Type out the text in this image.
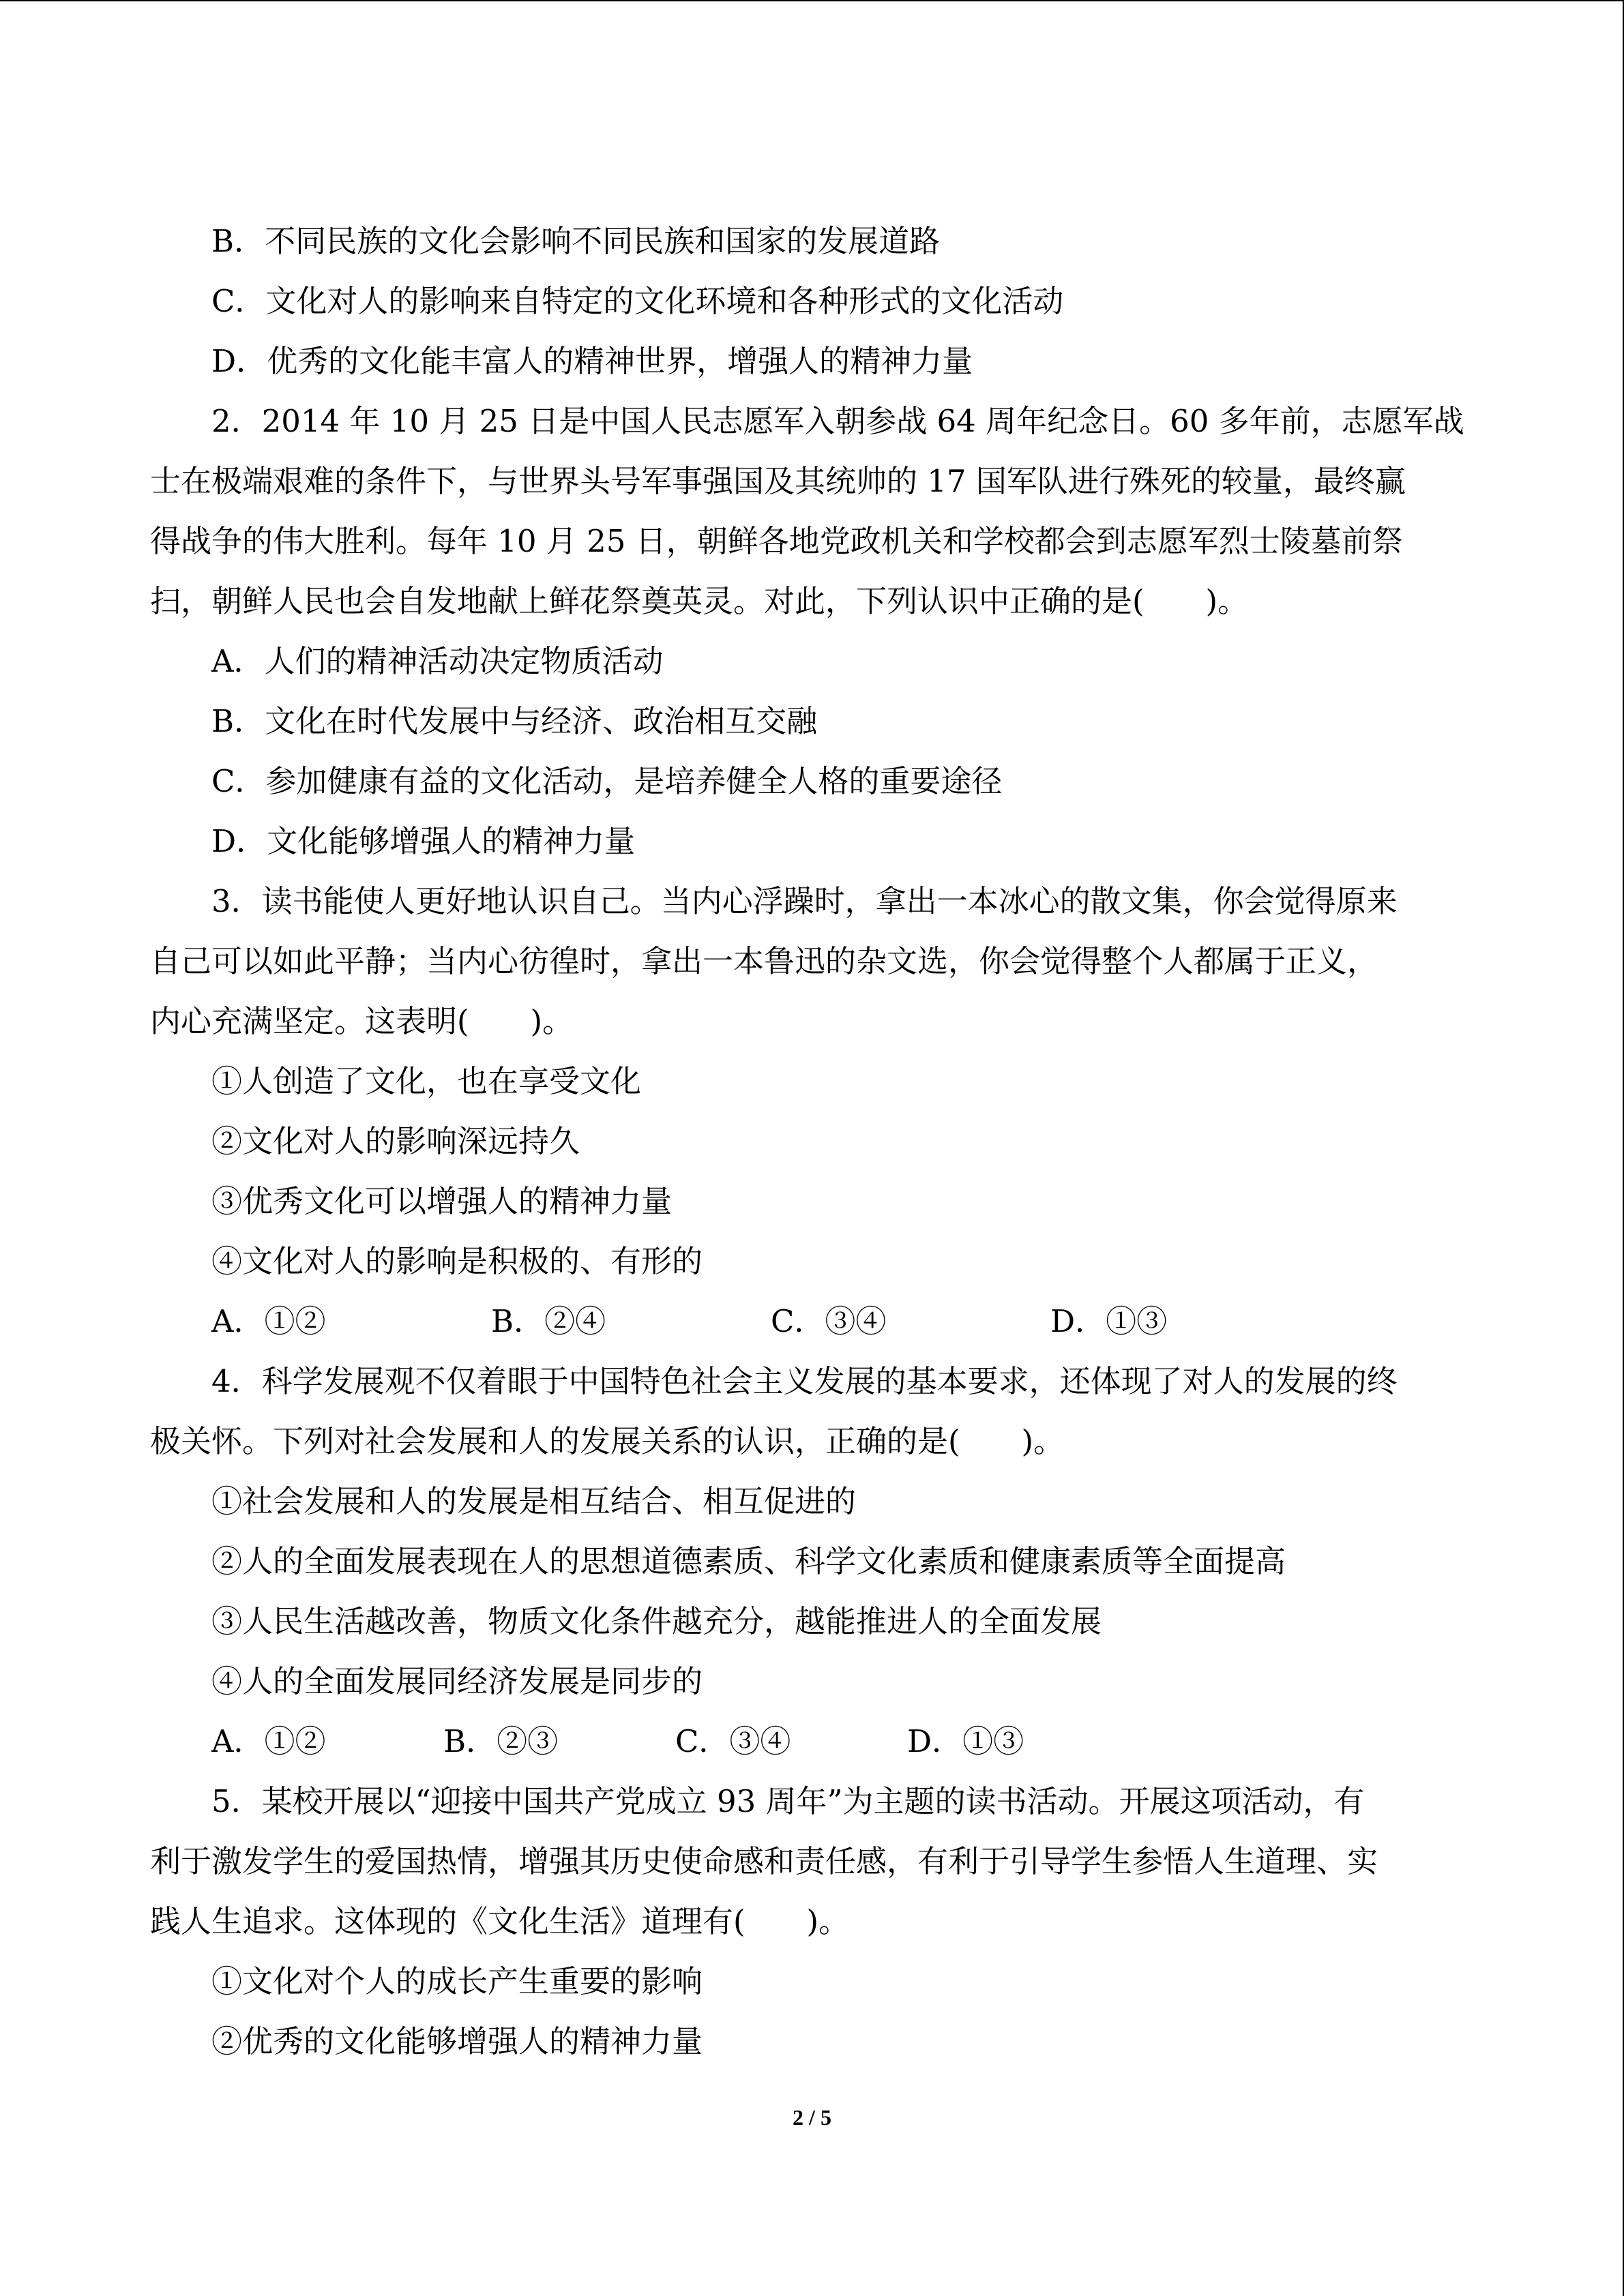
B．不同民族的文化会影响不同民族和国家的发展道路
C．文化对人的影响来自特定的文化环境和各种形式的文化活动
D．优秀的文化能丰富人的精神世界，增强人的精神力量
2．2014 年 10 月 25 日是中国人民志愿军入朝参战 64 周年纪念日。60 多年前，志愿军战
士在极端艰难的条件下，与世界头号军事强国及其统帅的 17 国军队进行殊死的较量，最终赢
得战争的伟大胜利。每年 10 月 25 日，朝鲜各地党政机关和学校都会到志愿军烈士陵墓前祭
扫，朝鲜人民也会自发地献上鲜花祭奠英灵。对此，下列认识中正确的是(　　)。
A．人们的精神活动决定物质活动
B．文化在时代发展中与经济、政治相互交融
C．参加健康有益的文化活动，是培养健全人格的重要途径
D．文化能够增强人的精神力量
3．读书能使人更好地认识自己。当内心浮躁时，拿出一本冰心的散文集，你会觉得原来
自己可以如此平静；当内心彷徨时，拿出一本鲁迅的杂文选，你会觉得整个人都属于正义，
内心充满坚定。这表明(　　)。
①人创造了文化，也在享受文化
②文化对人的影响深远持久
③优秀文化可以增强人的精神力量
④文化对人的影响是积极的、有形的
A．①②	B．②④	C．③④	D．①③
4．科学发展观不仅着眼于中国特色社会主义发展的基本要求，还体现了对人的发展的终
极关怀。下列对社会发展和人的发展关系的认识，正确的是(　　)。
①社会发展和人的发展是相互结合、相互促进的
②人的全面发展表现在人的思想道德素质、科学文化素质和健康素质等全面提高
③人民生活越改善，物质文化条件越充分，越能推进人的全面发展
④人的全面发展同经济发展是同步的
A．①②	B．②③	C．③④	D．①③
5．某校开展以“迎接中国共产党成立 93 周年”为主题的读书活动。开展这项活动，有
利于激发学生的爱国热情，增强其历史使命感和责任感，有利于引导学生参悟人生道理、实
践人生追求。这体现的《文化生活》道理有(　　)。
①文化对个人的成长产生重要的影响
②优秀的文化能够增强人的精神力量
2 / 5
